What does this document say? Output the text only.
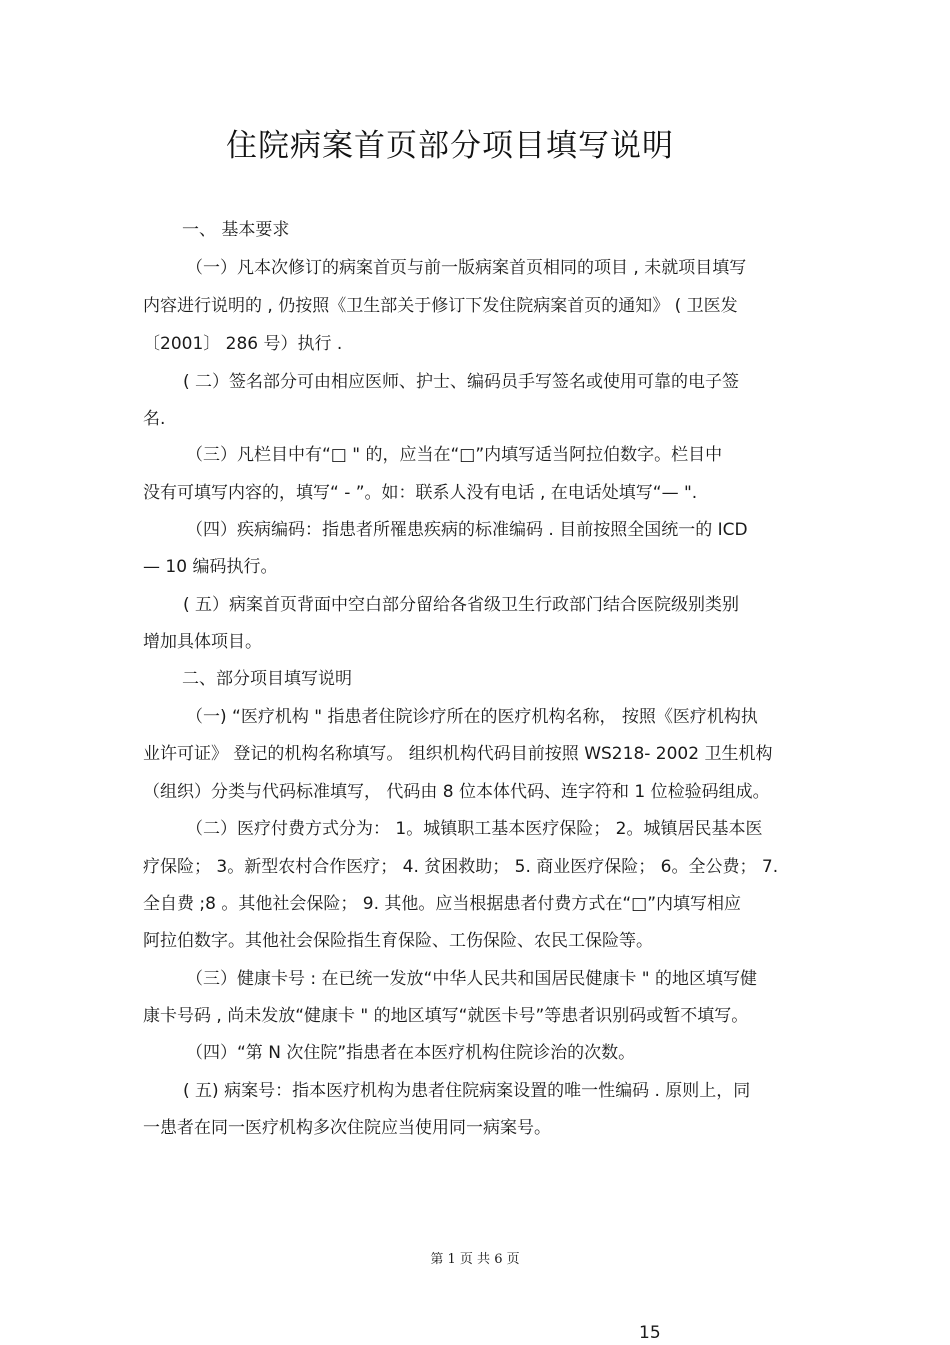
住院病案首页部分项目填写说明
一、 基本要求
（一）凡本次修订的病案首页与前一版病案首页相同的项目 , 未就项目填写
内容进行说明的 , 仍按照《卫生部关于修订下发住院病案首页的通知》 ( 卫医发
〔2001〕 286 号）执行 .
( 二）签名部分可由相应医师、护士、编码员手写签名或使用可靠的电子签
名.
（三）凡栏目中有“□ " 的，应当在“□”内填写适当阿拉伯数字。栏目中
没有可填写内容的，填写“ - ”。如：联系人没有电话 , 在电话处填写“— ".
（四）疾病编码：指患者所罹患疾病的标准编码 . 目前按照全国统一的 ICD
— 10 编码执行。
( 五）病案首页背面中空白部分留给各省级卫生行政部门结合医院级别类别
增加具体项目。
二、部分项目填写说明
（一) “医疗机构 " 指患者住院诊疗所在的医疗机构名称， 按照《医疗机构执
业许可证》 登记的机构名称填写。 组织机构代码目前按照 WS218- 2002 卫生机构
（组织）分类与代码标准填写， 代码由 8 位本体代码、连字符和 1 位检验码组成。
（二）医疗付费方式分为： 1。城镇职工基本医疗保险； 2。城镇居民基本医
疗保险； 3。新型农村合作医疗； 4. 贫困救助； 5. 商业医疗保险； 6。全公费； 7.
全自费 ;8 。其他社会保险； 9. 其他。应当根据患者付费方式在“□”内填写相应
阿拉伯数字。其他社会保险指生育保险、工伤保险、农民工保险等。
（三）健康卡号 : 在已统一发放“中华人民共和国居民健康卡 " 的地区填写健
康卡号码 , 尚未发放“健康卡 " 的地区填写“就医卡号”等患者识别码或暂不填写。
（四）“第 N 次住院”指患者在本医疗机构住院诊治的次数。
( 五) 病案号：指本医疗机构为患者住院病案设置的唯一性编码 . 原则上，同
一患者在同一医疗机构多次住院应当使用同一病案号。
第 1 页 共 6 页
15
